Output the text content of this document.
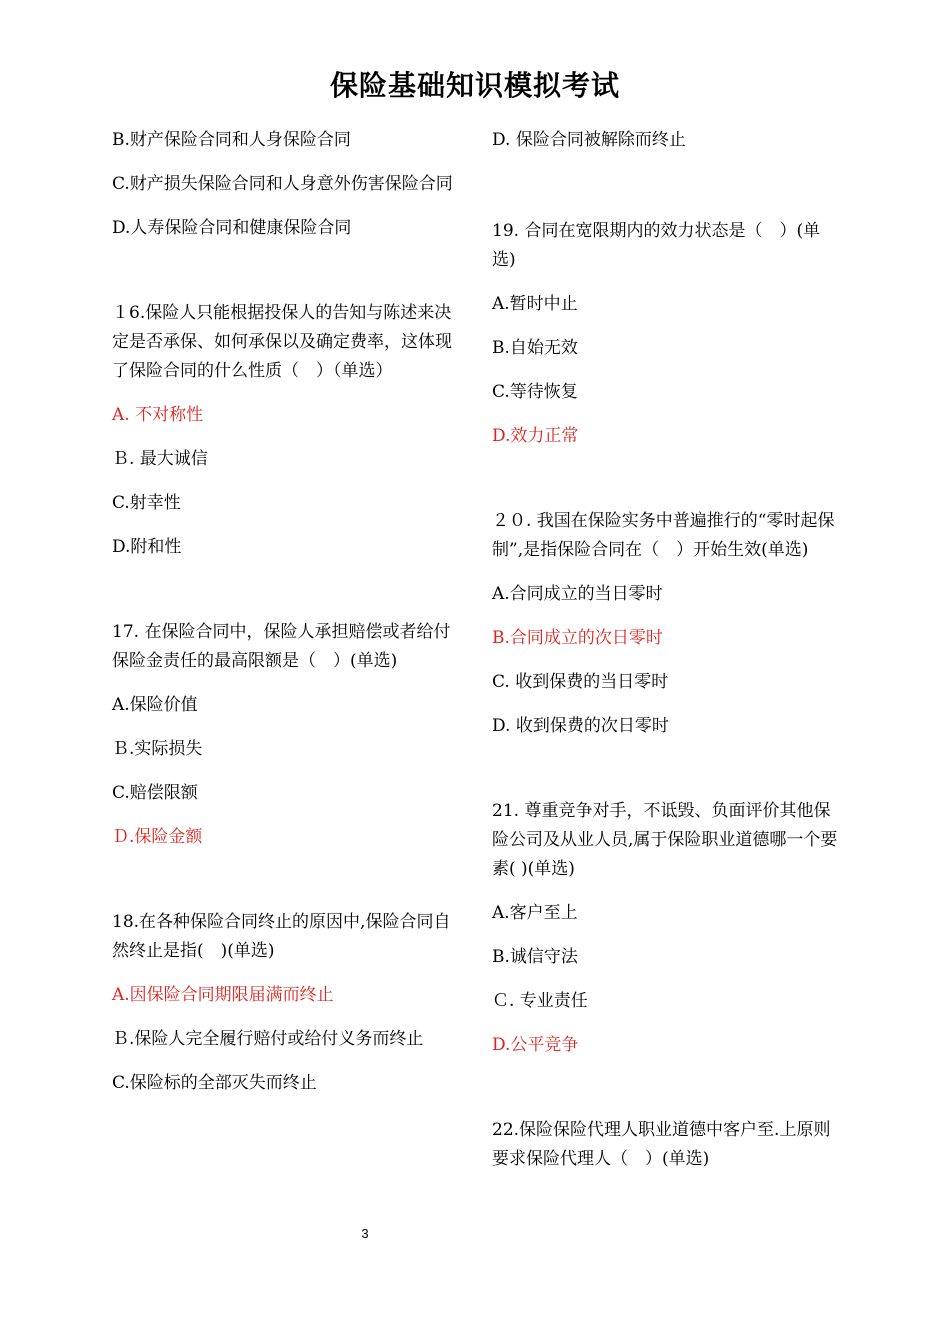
保险基础知识模拟考试

B.财产保险合同和人身保险合同

C.财产损失保险合同和人身意外伤害保险合同

D.人寿保险合同和健康保险合同

１6.保险人只能根据投保人的告知与陈述来决定是否承保、如何承保以及确定费率，这体现了保险合同的什么性质（　）（单选）

A. 不对称性

Ｂ. 最大诚信

C.射幸性

D.附和性

17. 在保险合同中，保险人承担赔偿或者给付保险金责任的最高限额是（　）(单选)

A.保险价值

Ｂ.实际损失

C.赔偿限额

Ｄ.保险金额

18.在各种保险合同终止的原因中,保险合同自然终止是指(　)(单选)

A.因保险合同期限届满而终止

Ｂ.保险人完全履行赔付或给付义务而终止

C.保险标的全部灭失而终止

D. 保险合同被解除而终止

19. 合同在宽限期内的效力状态是（　）(单选)

A.暂时中止

B.自始无效

C.等待恢复

D.效力正常

２０. 我国在保险实务中普遍推行的“零时起保制”,是指保险合同在（　）开始生效(单选)

A.合同成立的当日零时

B.合同成立的次日零时

C. 收到保费的当日零时

D. 收到保费的次日零时

21. 尊重竞争对手，不诋毁、负面评价其他保险公司及从业人员,属于保险职业道德哪一个要素( )(单选)

A.客户至上

B.诚信守法

Ｃ. 专业责任

D.公平竞争

22.保险保险代理人职业道德中客户至.上原则要求保险代理人（　）(单选)

3
